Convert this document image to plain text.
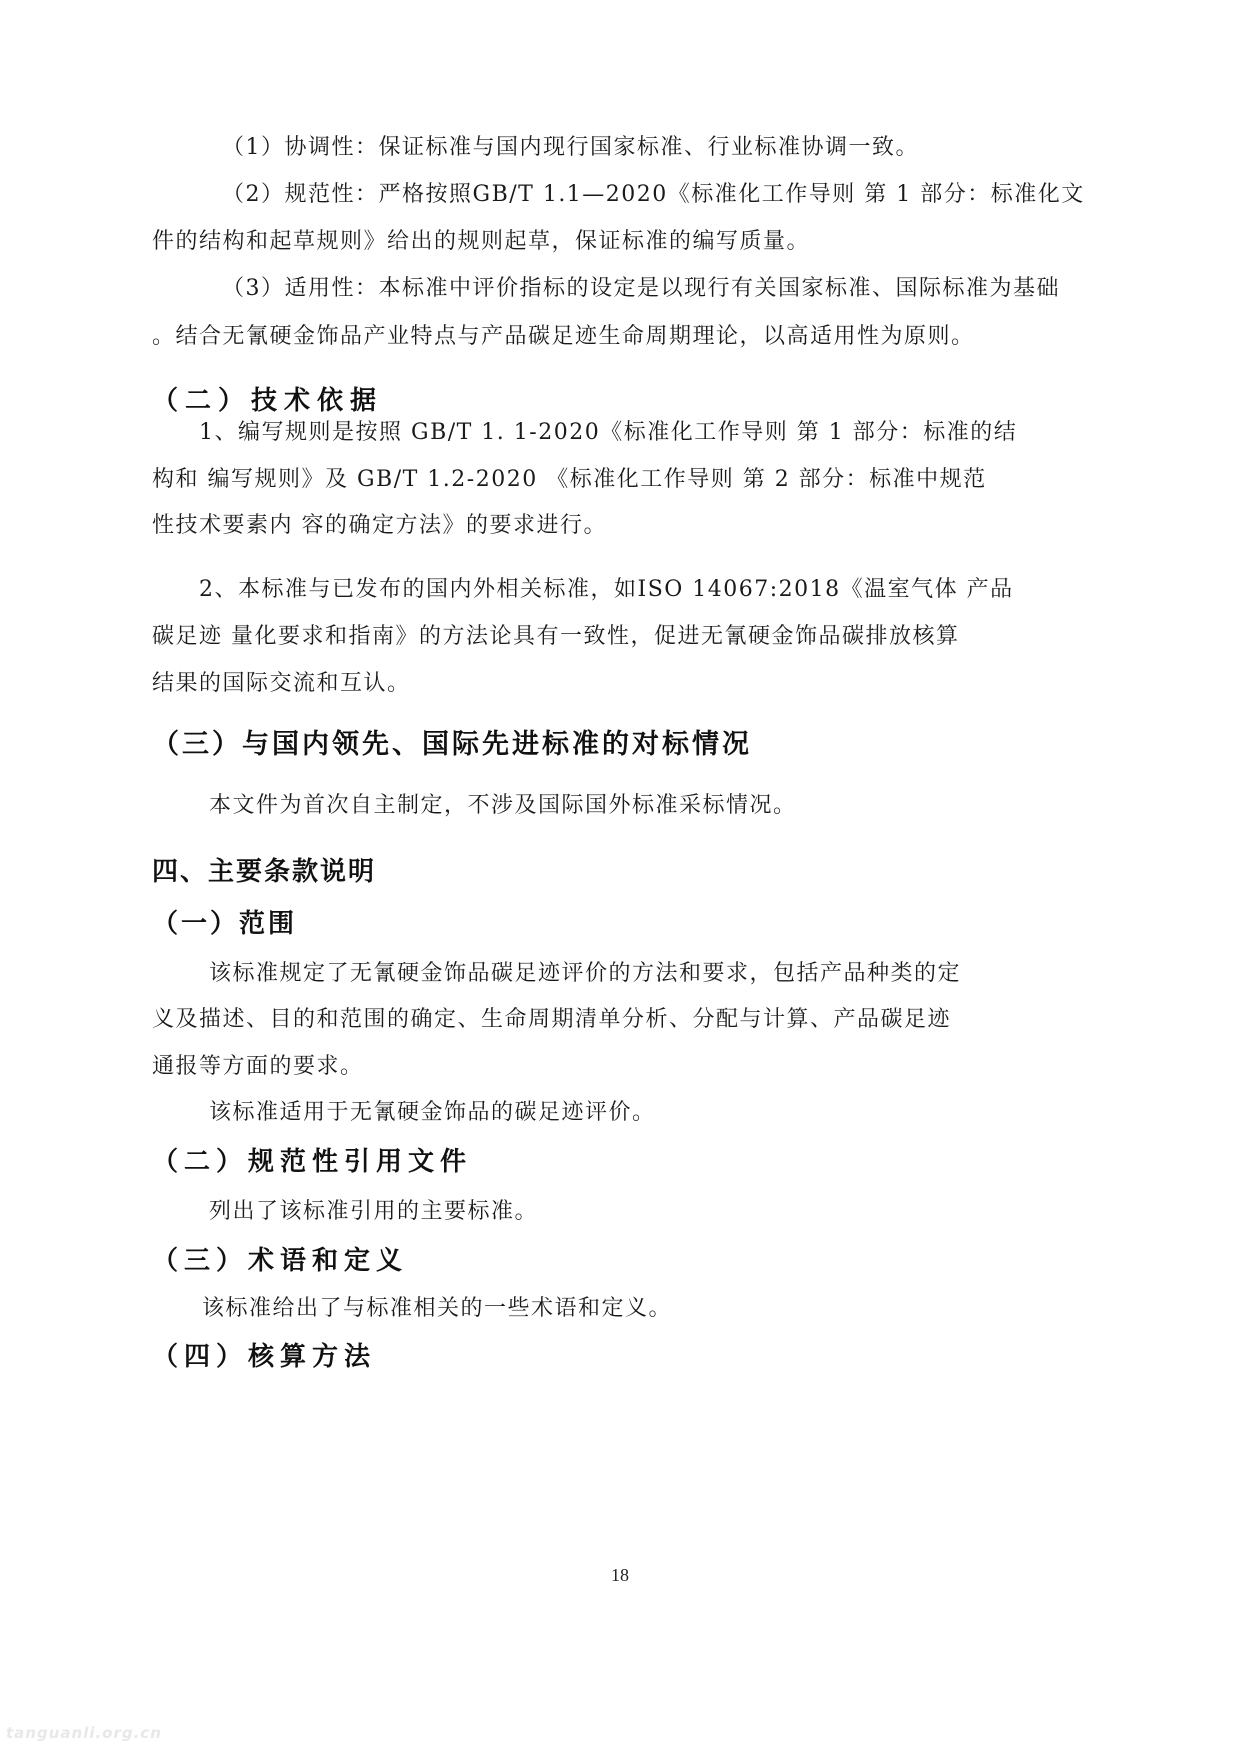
（1）协调性：保证标准与国内现行国家标准、行业标准协调一致。
（2）规范性：严格按照GB/T 1.1—2020《标准化工作导则 第 1 部分：标准化文
件的结构和起草规则》给出的规则起草，保证标准的编写质量。
（3）适用性：本标准中评价指标的设定是以现行有关国家标准、国际标准为基础
。结合无氰硬金饰品产业特点与产品碳足迹生命周期理论，以高适用性为原则。
（二）技术依据
1、编写规则是按照 GB/T 1. 1-2020《标准化工作导则 第 1 部分：标准的结
构和 编写规则》及 GB/T 1.2-2020 《标准化工作导则 第 2 部分：标准中规范
性技术要素内 容的确定方法》的要求进行。
2、本标准与已发布的国内外相关标准，如ISO 14067:2018《温室气体 产品
碳足迹 量化要求和指南》的方法论具有一致性，促进无氰硬金饰品碳排放核算
结果的国际交流和互认。
（三）与国内领先、国际先进标准的对标情况
本文件为首次自主制定，不涉及国际国外标准采标情况。
四、主要条款说明
（一）范围
该标准规定了无氰硬金饰品碳足迹评价的方法和要求，包括产品种类的定
义及描述、目的和范围的确定、生命周期清单分析、分配与计算、产品碳足迹
通报等方面的要求。
该标准适用于无氰硬金饰品的碳足迹评价。
（二）规范性引用文件
列出了该标准引用的主要标准。
（三）术语和定义
该标准给出了与标准相关的一些术语和定义。
（四）核算方法
18
tanguanli.org.cn
